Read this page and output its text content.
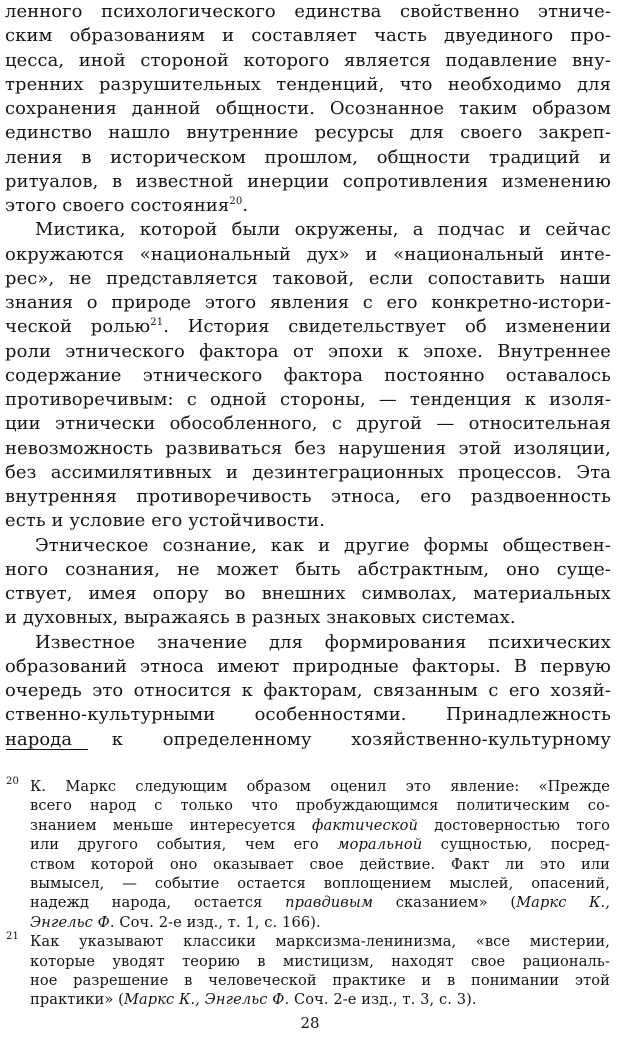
ленного психологического единства свойственно этниче-
ским образованиям и составляет часть двуединого про-
цесса, иной стороной которого является подавление вну-
тренних разрушительных тенденций, что необходимо для
сохранения данной общности. Осознанное таким образом
единство нашло внутренние ресурсы для своего закреп-
ления в историческом прошлом, общности традиций и
ритуалов, в известной инерции сопротивления изменению
этого своего состояния$^{20}$.
Мистика, которой были окружены, а подчас и сейчас
окружаются «национальный дух» и «национальный инте-
рес», не представляется таковой, если сопоставить наши
знания о природе этого явления с его конкретно-истори-
ческой ролью$^{21}$. История свидетельствует об изменении
роли этнического фактора от эпохи к эпохе. Внутреннее
содержание этнического фактора постоянно оставалось
противоречивым: с одной стороны, — тенденция к изоля-
ции этнически обособленного, с другой — относительная
невозможность развиваться без нарушения этой изоляции,
без ассимилятивных и дезинтеграционных процессов. Эта
внутренняя противоречивость этноса, его раздвоенность
есть и условие его устойчивости.
Этническое сознание, как и другие формы обществен-
ного сознания, не может быть абстрактным, оно суще-
ствует, имея опору во внешних символах, материальных
и духовных, выражаясь в разных знаковых системах.
Известное значение для формирования психических
образований этноса имеют природные факторы. В первую
очередь это относится к факторам, связанным с его хозяй-
ственно-культурными особенностями. Принадлежность
народа к определенному хозяйственно-культурному
20 К. Маркс следующим образом оценил это явление: «Прежде
всего народ с только что пробуждающимся политическим со-
знанием меньше интересуется фактической достоверностью того
или другого события, чем его моральной сущностью, посред-
ством которой оно оказывает свое действие. Факт ли это или
вымысел, — событие остается воплощением мыслей, опасений,
надежд народа, остается правдивым сказанием» (Маркс К.,
Энгельс Ф. Соч. 2-е изд., т. 1, с. 166).
21 Как указывают классики марксизма-ленинизма, «все мистерии,
которые уводят теорию в мистицизм, находят свое рациональ-
ное разрешение в человеческой практике и в понимании этой
практики» (Маркс К., Энгельс Ф. Соч. 2-е изд., т. 3, с. 3).
28
